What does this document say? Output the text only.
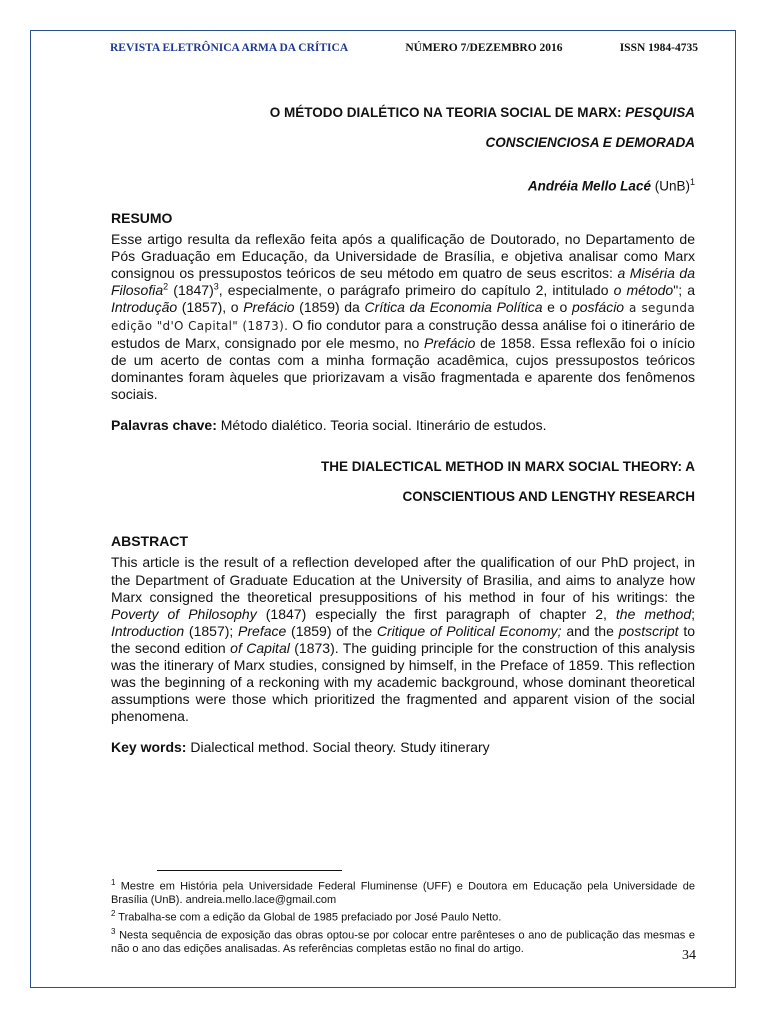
REVISTA ELETRÔNICA ARMA DA CRÍTICA	NÚMERO 7/DEZEMBRO 2016	ISSN 1984-4735

O MÉTODO DIALÉTICO NA TEORIA SOCIAL DE MARX: PESQUISA
CONSCIENCIOSA E DEMORADA

Andréia Mello Lacé (UnB)$^1$

RESUMO

Esse artigo resulta da reflexão feita após a qualificação de Doutorado, no Departamento de Pós Graduação em Educação, da Universidade de Brasília, e objetiva analisar como Marx consignou os pressupostos teóricos de seu método em quatro de seus escritos: a Miséria da Filosofia$^2$ $(1847)^3$, especialmente, o parágrafo primeiro do capítulo 2, intitulado o método"; a Introdução (1857), o Prefácio (1859) da Crítica da Economia Política e o posfácio a segunda edição "d'O Capital" (1873). O fio condutor para a construção dessa análise foi o itinerário de estudos de Marx, consignado por ele mesmo, no Prefácio de 1858. Essa reflexão foi o início de um acerto de contas com a minha formação acadêmica, cujos pressupostos teóricos dominantes foram àqueles que priorizavam a visão fragmentada e aparente dos fenômenos sociais.

Palavras chave: Método dialético. Teoria social. Itinerário de estudos.

THE DIALECTICAL METHOD IN MARX SOCIAL THEORY: A
CONSCIENTIOUS AND LENGTHY RESEARCH

ABSTRACT

This article is the result of a reflection developed after the qualification of our PhD project, in the Department of Graduate Education at the University of Brasilia, and aims to analyze how Marx consigned the theoretical presuppositions of his method in four of his writings: the Poverty of Philosophy (1847) especially the first paragraph of chapter 2, the method; Introduction (1857); Preface (1859) of the Critique of Political Economy; and the postscript to the second edition of Capital (1873). The guiding principle for the construction of this analysis was the itinerary of Marx studies, consigned by himself, in the Preface of 1859. This reflection was the beginning of a reckoning with my academic background, whose dominant theoretical assumptions were those which prioritized the fragmented and apparent vision of the social phenomena.

Key words: Dialectical method. Social theory. Study itinerary

$^1$ Mestre em História pela Universidade Federal Fluminense (UFF) e Doutora em Educação pela Universidade de Brasília (UnB). andreia.mello.lace@gmail.com

$^2$ Trabalha-se com a edição da Global de 1985 prefaciado por José Paulo Netto.

$^3$ Nesta sequência de exposição das obras optou-se por colocar entre parênteses o ano de publicação das mesmas e não o ano das edições analisadas. As referências completas estão no final do artigo.	34
